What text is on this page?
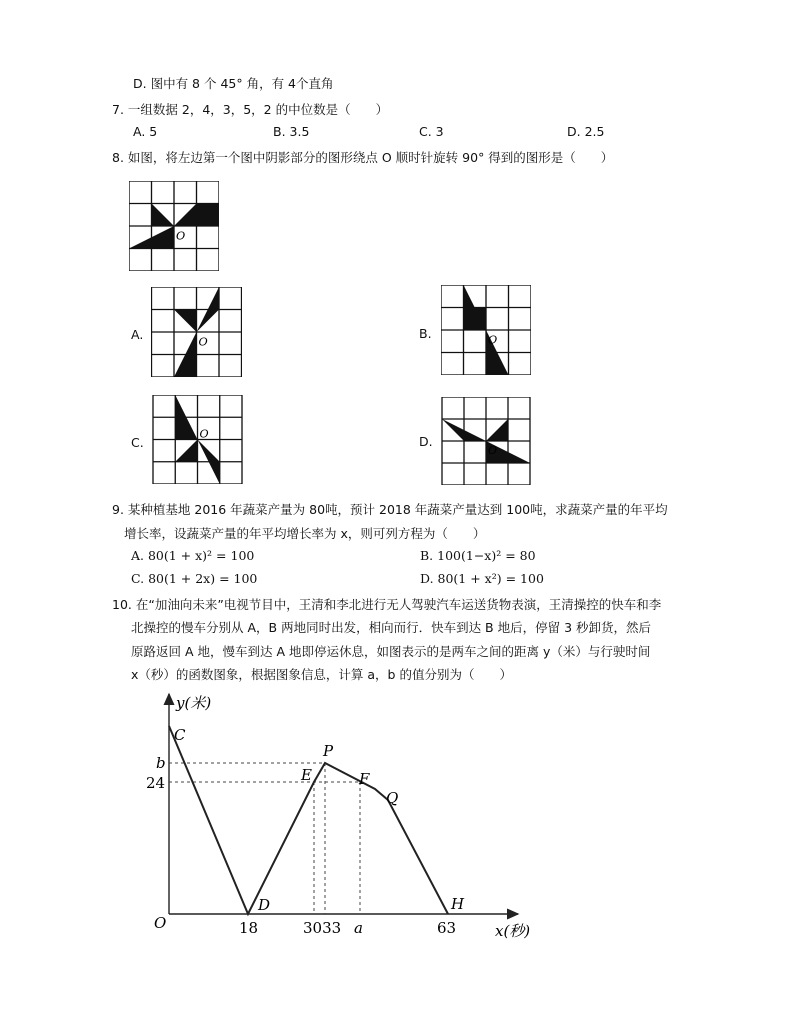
D. 图中有 8 个 45° 角，有 4个直角
7. 一组数据 2，4，3，5，2 的中位数是（　　）
A. 5	B. 3.5	C. 3	D. 2.5
8. 如图，将左边第一个图中阴影部分的图形绕点 O 顺时针旋转 90° 得到的图形是（　　）
O
A.	O
B.	O
C.
O
D.
O
9. 某种植基地 2016 年蔬菜产量为 80吨，预计 2018 年蔬菜产量达到 100吨，求蔬菜产量的年平均
增长率，设蔬菜产量的年平均增长率为 x，则可列方程为（　　）
A. 80(1 + x)² = 100	B. 100(1−x)² = 80
C. 80(1 + 2x) = 100	D. 80(1 + x²) = 100
10. 在“加油向未来”电视节目中，王清和李北进行无人驾驶汽车运送货物表演，王清操控的快车和李
北操控的慢车分别从 A，B 两地同时出发，相向而行．快车到达 B 地后，停留 3 秒卸货，然后
原路返回 A 地，慢车到达 A 地即停运休息，如图表示的是两车之间的距离 y（米）与行驶时间
x（秒）的函数图象，根据图象信息，计算 a，b 的值分别为（　　）
y(米)
x(秒)
O
b
24
18	3033 a	63
C
D
E
P
F
Q
H
